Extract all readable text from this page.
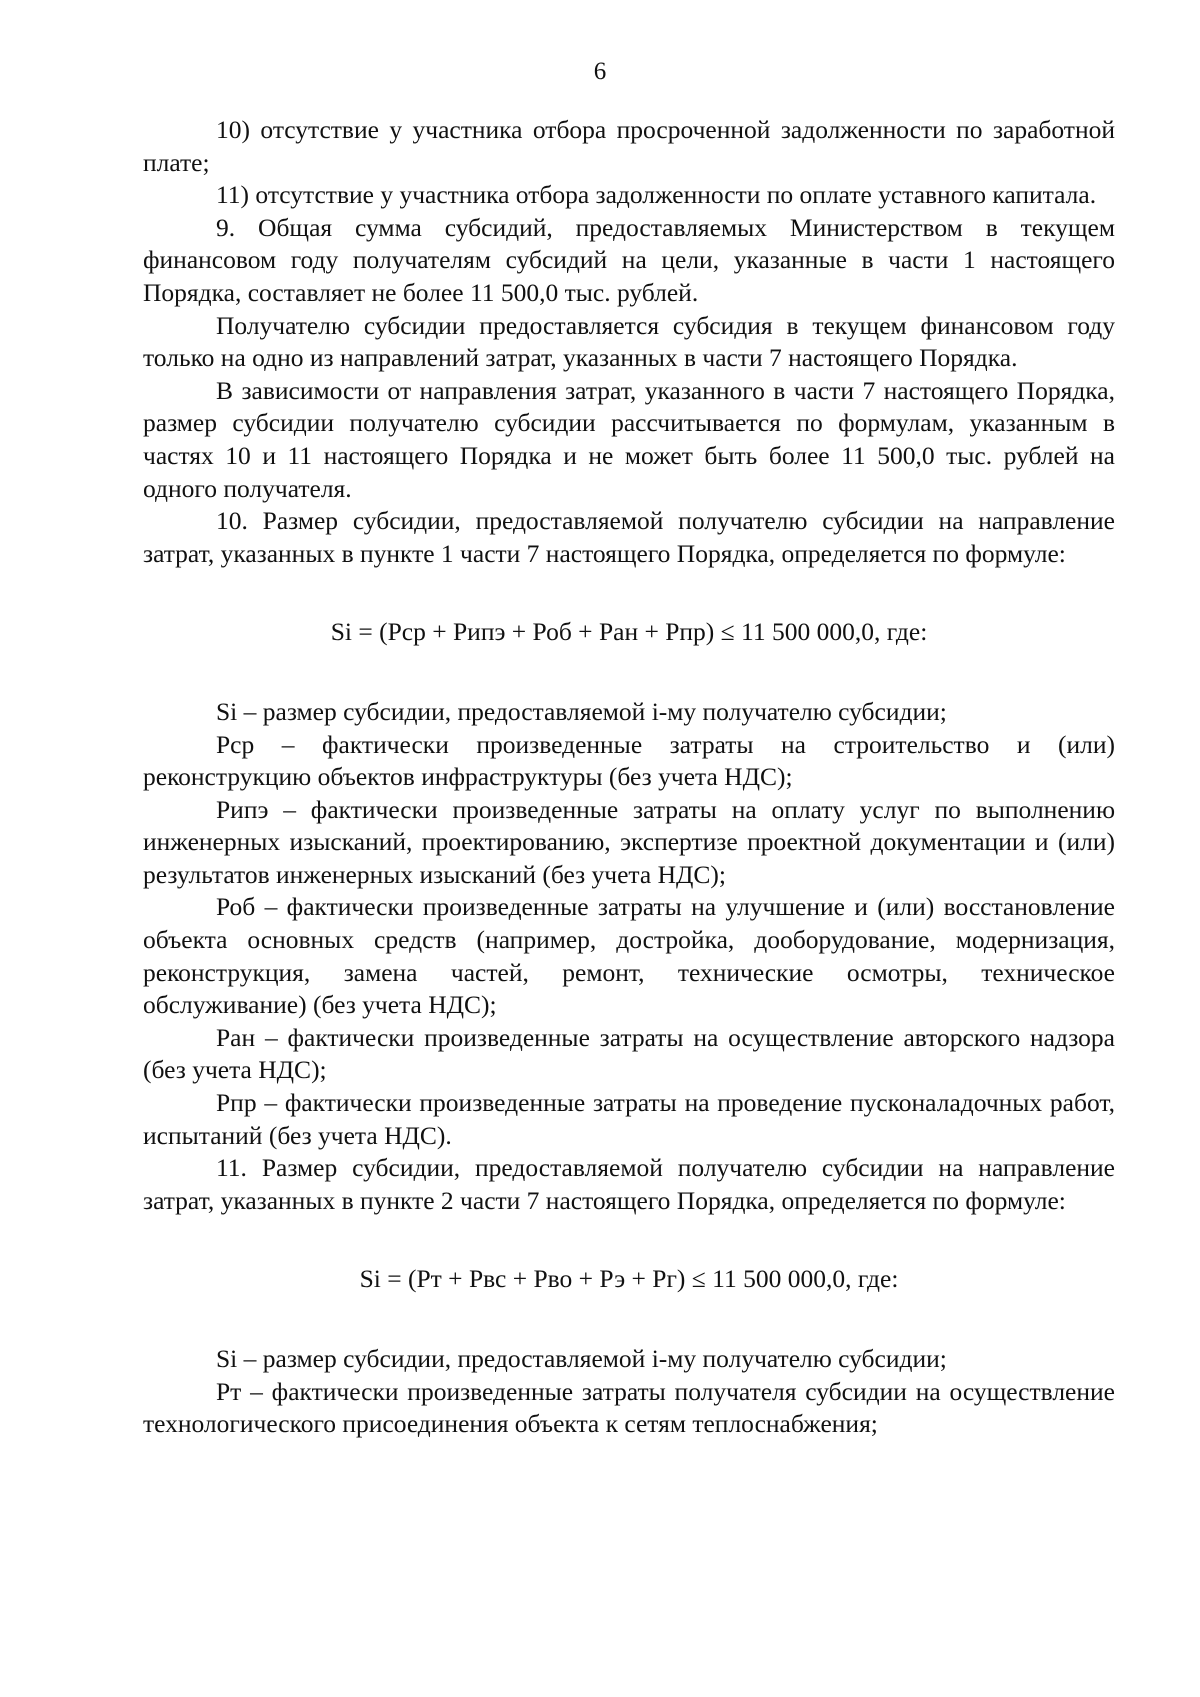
6

10) отсутствие у участника отбора просроченной задолженности по заработной плате;

11) отсутствие у участника отбора задолженности по оплате уставного капитала.

9. Общая сумма субсидий, предоставляемых Министерством в текущем финансовом году получателям субсидий на цели, указанные в части 1 настоящего Порядка, составляет не более 11 500,0 тыс. рублей.

Получателю субсидии предоставляется субсидия в текущем финансовом году только на одно из направлений затрат, указанных в части 7 настоящего Порядка.

В зависимости от направления затрат, указанного в части 7 настоящего Порядка, размер субсидии получателю субсидии рассчитывается по формулам, указанным в частях 10 и 11 настоящего Порядка и не может быть более 11 500,0 тыс. рублей на одного получателя.

10. Размер субсидии, предоставляемой получателю субсидии на направление затрат, указанных в пункте 1 части 7 настоящего Порядка, определяется по формуле:

Si = (Рср + Рипэ + Роб + Ран + Рпр) ≤ 11 500 000,0, где:

Si – размер субсидии, предоставляемой i-му получателю субсидии;

Рср – фактически произведенные затраты на строительство и (или) реконструкцию объектов инфраструктуры (без учета НДС);

Рипэ – фактически произведенные затраты на оплату услуг по выполнению инженерных изысканий, проектированию, экспертизе проектной документации и (или) результатов инженерных изысканий (без учета НДС);

Роб – фактически произведенные затраты на улучшение и (или) восстановление объекта основных средств (например, достройка, дооборудование, модернизация, реконструкция, замена частей, ремонт, технические осмотры, техническое обслуживание) (без учета НДС);

Ран – фактически произведенные затраты на осуществление авторского надзора (без учета НДС);

Рпр – фактически произведенные затраты на проведение пусконаладочных работ, испытаний (без учета НДС).

11. Размер субсидии, предоставляемой получателю субсидии на направление затрат, указанных в пункте 2 части 7 настоящего Порядка, определяется по формуле:

Si = (Рт + Рвс + Рво + Рэ + Рг) ≤ 11 500 000,0, где:

Si – размер субсидии, предоставляемой i-му получателю субсидии;

Рт – фактически произведенные затраты получателя субсидии на осуществление технологического присоединения объекта к сетям теплоснабжения;
